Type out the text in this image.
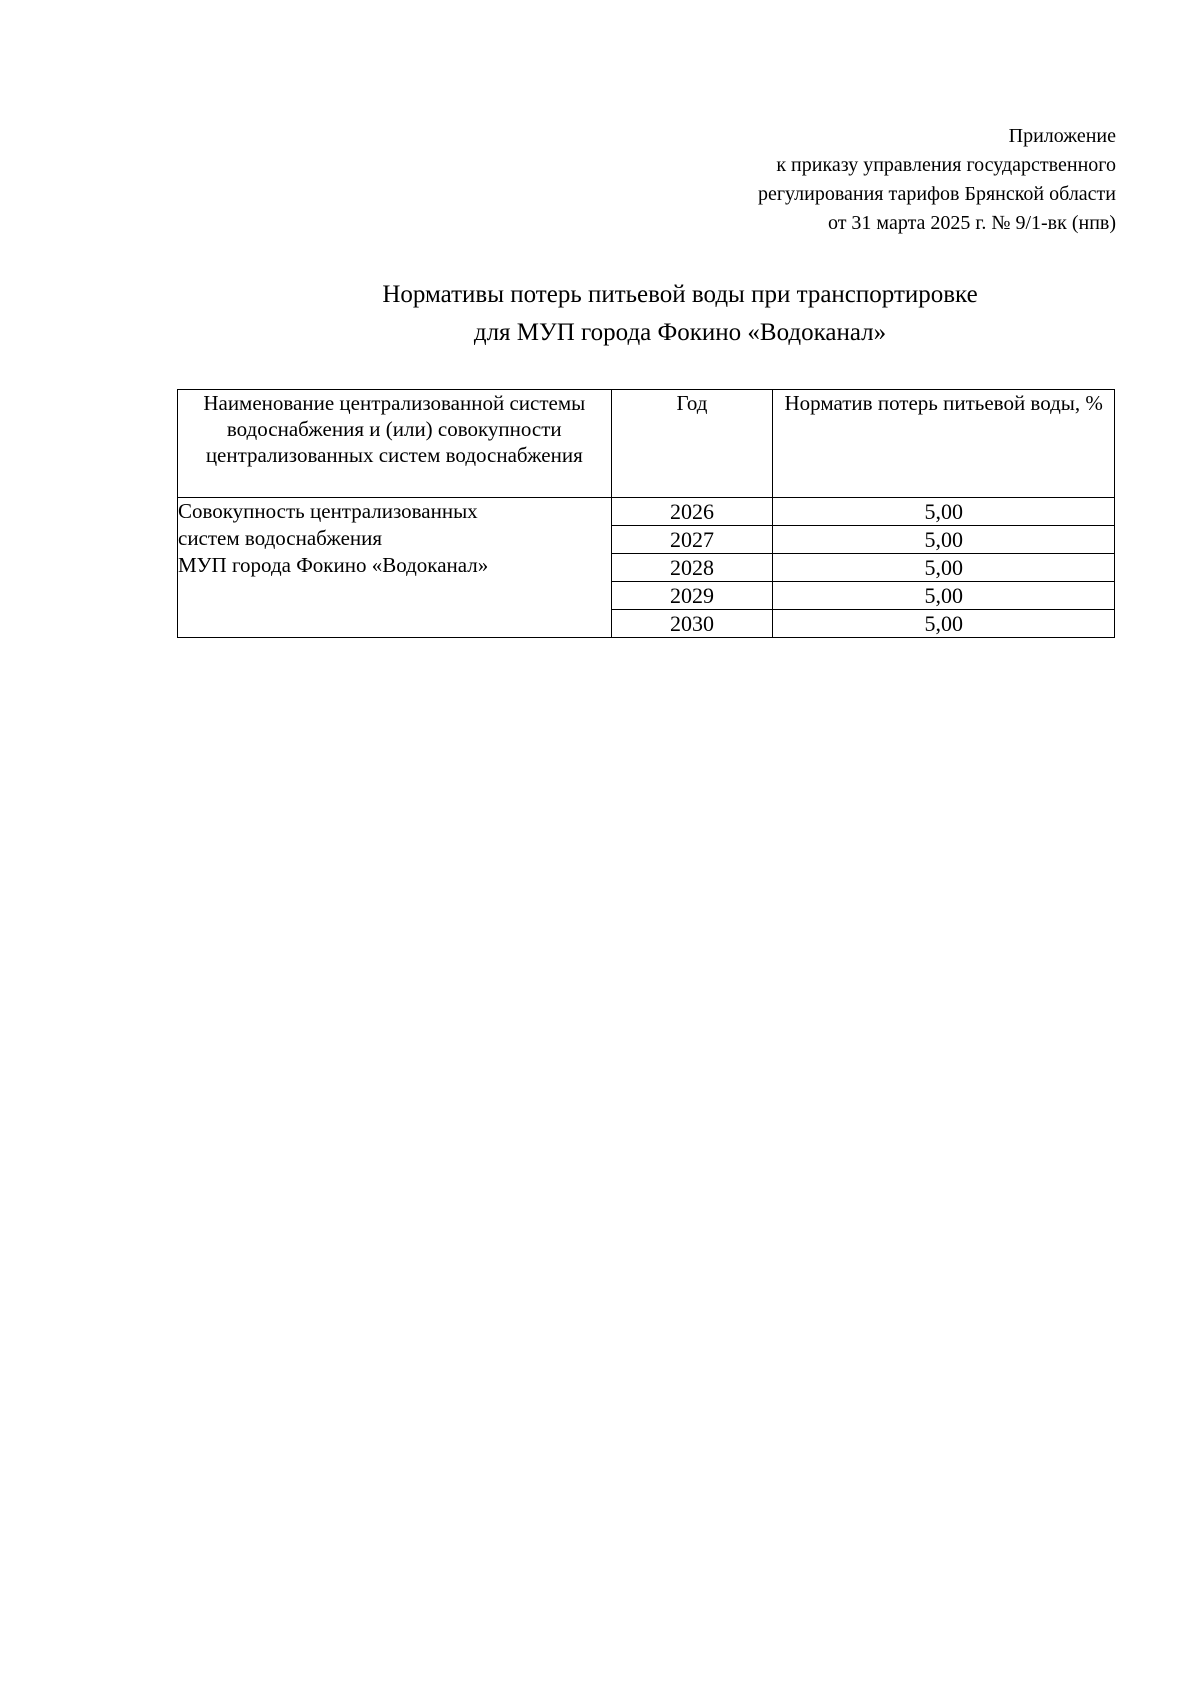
Приложение
к приказу управления государственного
регулирования тарифов Брянской области
от 31 марта 2025 г. № 9/1-вк (нпв)
Нормативы потерь питьевой воды при транспортировке
для МУП города Фокино «Водоканал»
Наименование централизованной системы водоснабжения и (или) совокупности централизованных систем водоснабжения	Год	Норматив потерь питьевой воды, %

Совокупность централизованных
систем водоснабжения
МУП города Фокино «Водоканал»	2026	5,00
	2027	5,00
	2028	5,00
	2029	5,00
	2030	5,00
